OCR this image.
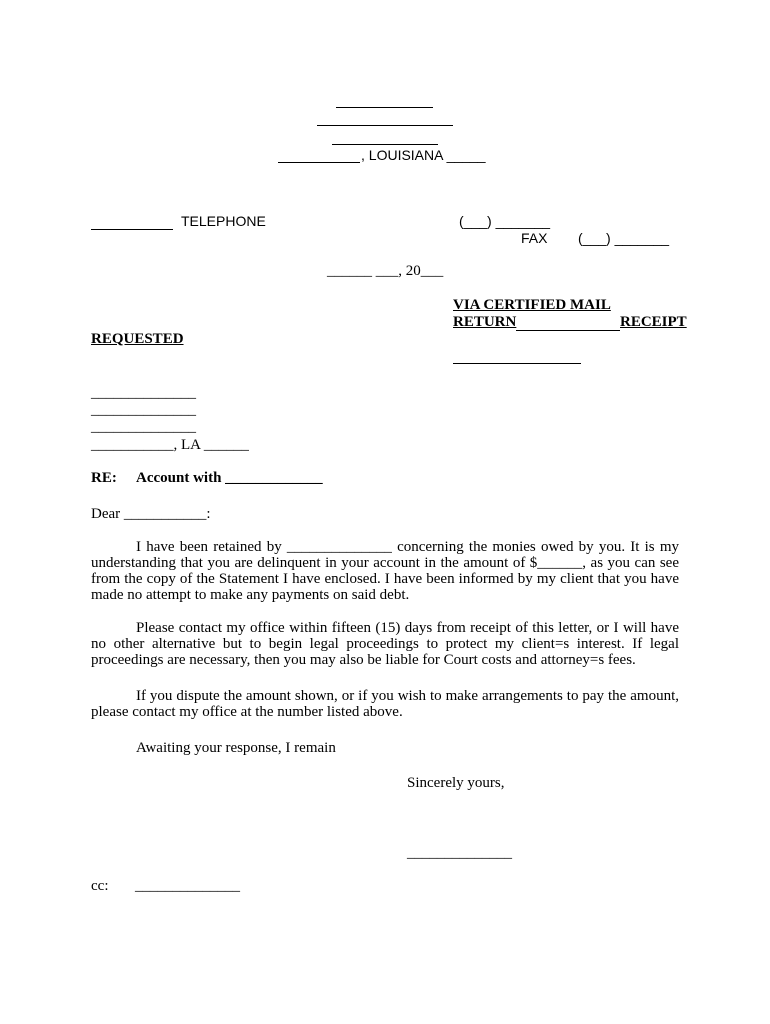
, LOUISIANA _____
TELEPHONE	(___) _______
FAX (___) _______
______ ___, 20___
VIA CERTIFIED MAIL
RETURN	RECEIPT
REQUESTED
______________
______________
______________
___________, LA ______
RE: Account with _____________
Dear ___________:
I have been retained by ______________ concerning the monies owed by you. It is my understanding that you are delinquent in your account in the amount of $______, as you can see from the copy of the Statement I have enclosed. I have been informed by my client that you have made no attempt to make any payments on said debt.
Please contact my office within fifteen (15) days from receipt of this letter, or I will have no other alternative but to begin legal proceedings to protect my client=s interest. If legal proceedings are necessary, then you may also be liable for Court costs and attorney=s fees.
If you dispute the amount shown, or if you wish to make arrangements to pay the amount, please contact my office at the number listed above.
Awaiting your response, I remain
Sincerely yours,
______________
cc: ______________
